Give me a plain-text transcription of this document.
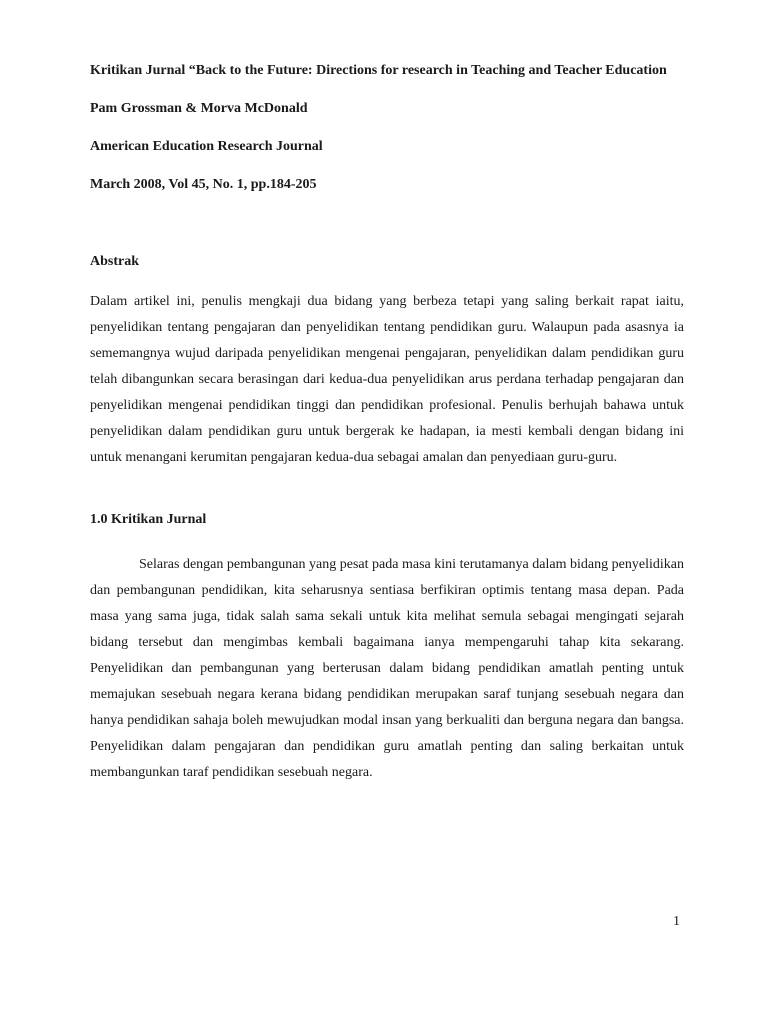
Kritikan Jurnal “Back to the Future: Directions for research in Teaching and Teacher Education

Pam Grossman & Morva McDonald

American Education Research Journal

March 2008, Vol 45, No. 1, pp.184-205

Abstrak

Dalam artikel ini, penulis mengkaji dua bidang yang berbeza tetapi yang saling berkait rapat iaitu, penyelidikan tentang pengajaran dan penyelidikan tentang pendidikan guru. Walaupun pada asasnya ia sememangnya wujud daripada penyelidikan mengenai pengajaran, penyelidikan dalam pendidikan guru telah dibangunkan secara berasingan dari kedua-dua penyelidikan arus perdana terhadap pengajaran dan penyelidikan mengenai pendidikan tinggi dan pendidikan profesional. Penulis berhujah bahawa untuk penyelidikan dalam pendidikan guru untuk bergerak ke hadapan, ia mesti kembali dengan bidang ini untuk menangani kerumitan pengajaran kedua-dua sebagai amalan dan penyediaan guru-guru.

1.0 Kritikan Jurnal

Selaras dengan pembangunan yang pesat pada masa kini terutamanya dalam bidang penyelidikan dan pembangunan pendidikan, kita seharusnya sentiasa berfikiran optimis tentang masa depan. Pada masa yang sama juga, tidak salah sama sekali untuk kita melihat semula sebagai mengingati sejarah bidang tersebut dan mengimbas kembali bagaimana ianya mempengaruhi tahap kita sekarang. Penyelidikan dan pembangunan yang berterusan dalam bidang pendidikan amatlah penting untuk memajukan sesebuah negara kerana bidang pendidikan merupakan saraf tunjang sesebuah negara dan hanya pendidikan sahaja boleh mewujudkan modal insan yang berkualiti dan berguna negara dan bangsa. Penyelidikan dalam pengajaran dan pendidikan guru amatlah penting dan saling berkaitan untuk membangunkan taraf pendidikan sesebuah negara.

1
